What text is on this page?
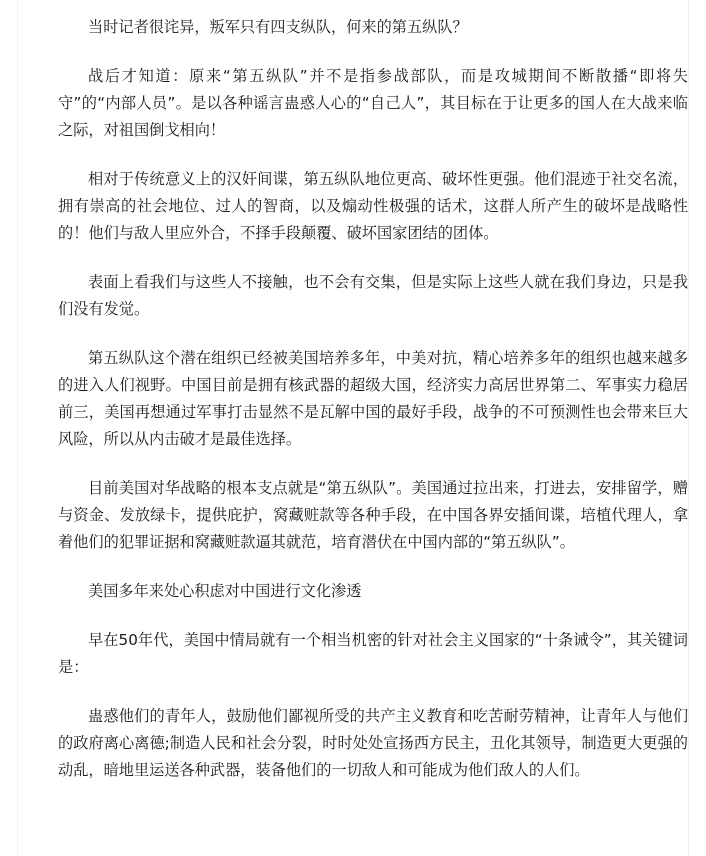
当时记者很诧异，叛军只有四支纵队，何来的第五纵队？

战后才知道：原来“第五纵队”并不是指参战部队，而是攻城期间不断散播“即将失守”的“内部人员”。是以各种谣言蛊惑人心的“自己人”，其目标在于让更多的国人在大战来临之际，对祖国倒戈相向！

相对于传统意义上的汉奸间谍，第五纵队地位更高、破坏性更强。他们混迹于社交名流，拥有崇高的社会地位、过人的智商，以及煽动性极强的话术，这群人所产生的破坏是战略性的！他们与敌人里应外合，不择手段颠覆、破坏国家团结的团体。

表面上看我们与这些人不接触，也不会有交集，但是实际上这些人就在我们身边，只是我们没有发觉。

第五纵队这个潜在组织已经被美国培养多年，中美对抗，精心培养多年的组织也越来越多的进入人们视野。中国目前是拥有核武器的超级大国，经济实力高居世界第二、军事实力稳居前三，美国再想通过军事打击显然不是瓦解中国的最好手段，战争的不可预测性也会带来巨大风险，所以从内击破才是最佳选择。

目前美国对华战略的根本支点就是“第五纵队”。美国通过拉出来，打进去，安排留学，赠与资金、发放绿卡，提供庇护，窝藏赃款等各种手段，在中国各界安插间谍，培植代理人，拿着他们的犯罪证据和窝藏赃款逼其就范，培育潜伏在中国内部的“第五纵队”。

美国多年来处心积虑对中国进行文化渗透

早在50年代，美国中情局就有一个相当机密的针对社会主义国家的“十条诫令”，其关键词是：

蛊惑他们的青年人，鼓励他们鄙视所受的共产主义教育和吃苦耐劳精神，让青年人与他们的政府离心离德;制造人民和社会分裂，时时处处宣扬西方民主，丑化其领导，制造更大更强的动乱，暗地里运送各种武器，装备他们的一切敌人和可能成为他们敌人的人们。
